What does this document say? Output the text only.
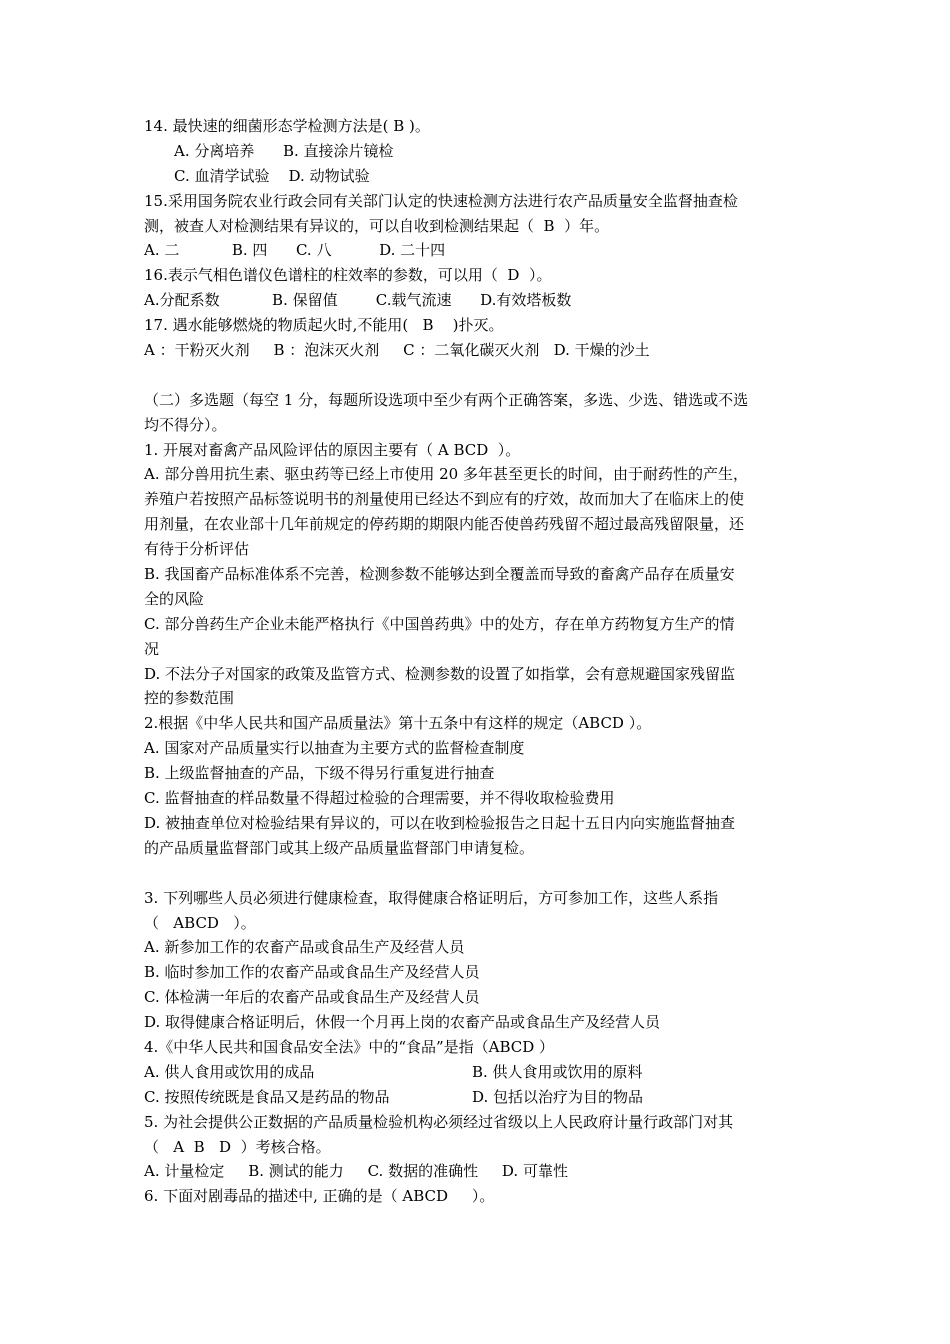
14. 最快速的细菌形态学检测方法是( B )。
A. 分离培养      B. 直接涂片镜检
C. 血清学试验    D. 动物试验
15.采用国务院农业行政会同有关部门认定的快速检测方法进行农产品质量安全监督抽查检
测，被查人对检测结果有异议的，可以自收到检测结果起（  B  ）年。
A. 二           B. 四      C. 八          D. 二十四
16.表示气相色谱仪色谱柱的柱效率的参数，可以用（  D  ）。
A.分配系数           B. 保留值        C.载气流速      D.有效塔板数
17. 遇水能够燃烧的物质起火时,不能用(   B    )扑灭。
A ：干粉灭火剂     B ：泡沫灭火剂     C ：二氧化碳灭火剂   D. 干燥的沙土
（二）多选题（每空 1 分，每题所设选项中至少有两个正确答案，多选、少选、错选或不选
均不得分）。
1. 开展对畜禽产品风险评估的原因主要有（ A BCD  ）。
A. 部分兽用抗生素、驱虫药等已经上市使用 20 多年甚至更长的时间，由于耐药性的产生，
养殖户若按照产品标签说明书的剂量使用已经达不到应有的疗效，故而加大了在临床上的使
用剂量，在农业部十几年前规定的停药期的期限内能否使兽药残留不超过最高残留限量，还
有待于分析评估
B. 我国畜产品标准体系不完善，检测参数不能够达到全覆盖而导致的畜禽产品存在质量安
全的风险
C. 部分兽药生产企业未能严格执行《中国兽药典》中的处方，存在单方药物复方生产的情
况
D. 不法分子对国家的政策及监管方式、检测参数的设置了如指掌，会有意规避国家残留监
控的参数范围
2.根据《中华人民共和国产品质量法》第十五条中有这样的规定（ABCD ）。
A. 国家对产品质量实行以抽查为主要方式的监督检查制度
B. 上级监督抽查的产品，下级不得另行重复进行抽查
C. 监督抽查的样品数量不得超过检验的合理需要，并不得收取检验费用
D. 被抽查单位对检验结果有异议的，可以在收到检验报告之日起十五日内向实施监督抽查
的产品质量监督部门或其上级产品质量监督部门申请复检。
3. 下列哪些人员必须进行健康检查，取得健康合格证明后，方可参加工作，这些人系指
（   ABCD   ）。
A. 新参加工作的农畜产品或食品生产及经营人员
B. 临时参加工作的农畜产品或食品生产及经营人员
C. 体检满一年后的农畜产品或食品生产及经营人员
D. 取得健康合格证明后，休假一个月再上岗的农畜产品或食品生产及经营人员
4.《中华人民共和国食品安全法》中的“食品”是指（ABCD ）
A. 供人食用或饮用的成品	B. 供人食用或饮用的原料
C. 按照传统既是食品又是药品的物品	D. 包括以治疗为目的物品
5. 为社会提供公正数据的产品质量检验机构必须经过省级以上人民政府计量行政部门对其
（   A  B   D  ）考核合格。
A. 计量检定     B. 测试的能力     C. 数据的准确性     D. 可靠性
6. 下面对剧毒品的描述中, 正确的是（ ABCD     ）。
